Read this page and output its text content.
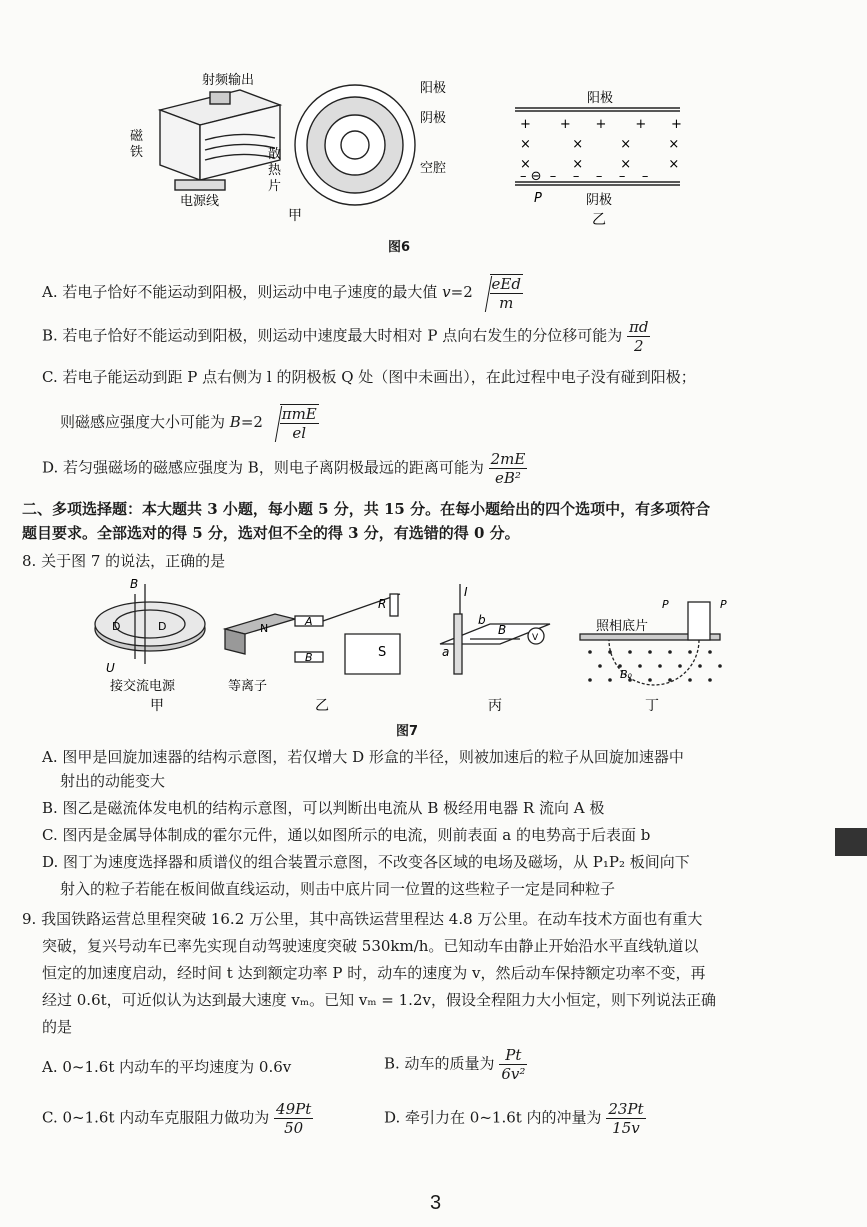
射频输出
磁
铁	散
热
片
电源线
阳极
阴极
空腔
甲
阳极
+       +      +       +      +
×          ×         ×         ×
×          ×         ×         ×
– ⊖  –    –    –    –    –
P	阴极
乙
图6
A. 若电子恰好不能运动到阳极，则运动中电子速度的最大值 $v=2 \frac{\text{eEd}}{m}$
B. 若电子恰好不能运动到阳极，则运动中速度最大时相对 P 点向右发生的分位移可能为 $\frac{\pi d}{2}$
C. 若电子能运动到距 P 点右侧为 l 的阴极板 Q 处（图中未画出），在此过程中电子没有碰到阳极；
则磁感应强度大小可能为 $B=2 \frac{\text{πmE}}{el}$
D. 若匀强磁场的磁感应强度为 B，则电子离阴极最远的距离可能为 $\frac{2mE}{\text{eB²}}$
二、多项选择题：本大题共 3 小题，每小题 5 分，共 15 分。在每小题给出的四个选项中，有多项符合
题目要求。全部选对的得 5 分，选对但不全的得 3 分，有选错的得 0 分。
8. 关于图 7 的说法，正确的是
B
D	D
U
接交流电源
甲
N
S
A
B
R
等离子
乙
I
b
a
B
V
丙
照相底片
P	P
B₀
丁
图7
A. 图甲是回旋加速器的结构示意图，若仅增大 D 形盒的半径，则被加速后的粒子从回旋加速器中
射出的动能变大
B. 图乙是磁流体发电机的结构示意图，可以判断出电流从 B 极经用电器 R 流向 A 极
C. 图丙是金属导体制成的霍尔元件，通以如图所示的电流，则前表面 a 的电势高于后表面 b
D. 图丁为速度选择器和质谱仪的组合装置示意图，不改变各区域的电场及磁场，从 P₁P₂ 板间向下
射入的粒子若能在板间做直线运动，则击中底片同一位置的这些粒子一定是同种粒子
9. 我国铁路运营总里程突破 16.2 万公里，其中高铁运营里程达 4.8 万公里。在动车技术方面也有重大
突破，复兴号动车已率先实现自动驾驶速度突破 530km/h。已知动车由静止开始沿水平直线轨道以
恒定的加速度启动，经时间 t 达到额定功率 P 时，动车的速度为 v，然后动车保持额定功率不变，再
经过 0.6t，可近似认为达到最大速度 vₘ。已知 vₘ = 1.2v，假设全程阻力大小恒定，则下列说法正确
的是
A. 0~1.6t 内动车的平均速度为 0.6v	B. 动车的质量为 $\frac{Pt}{\text{6v²}}$
C. 0~1.6t 内动车克服阻力做功为 $\frac{49Pt}{50}$	D. 牵引力在 0~1.6t 内的冲量为 $\frac{23Pt}{15v}$
3
